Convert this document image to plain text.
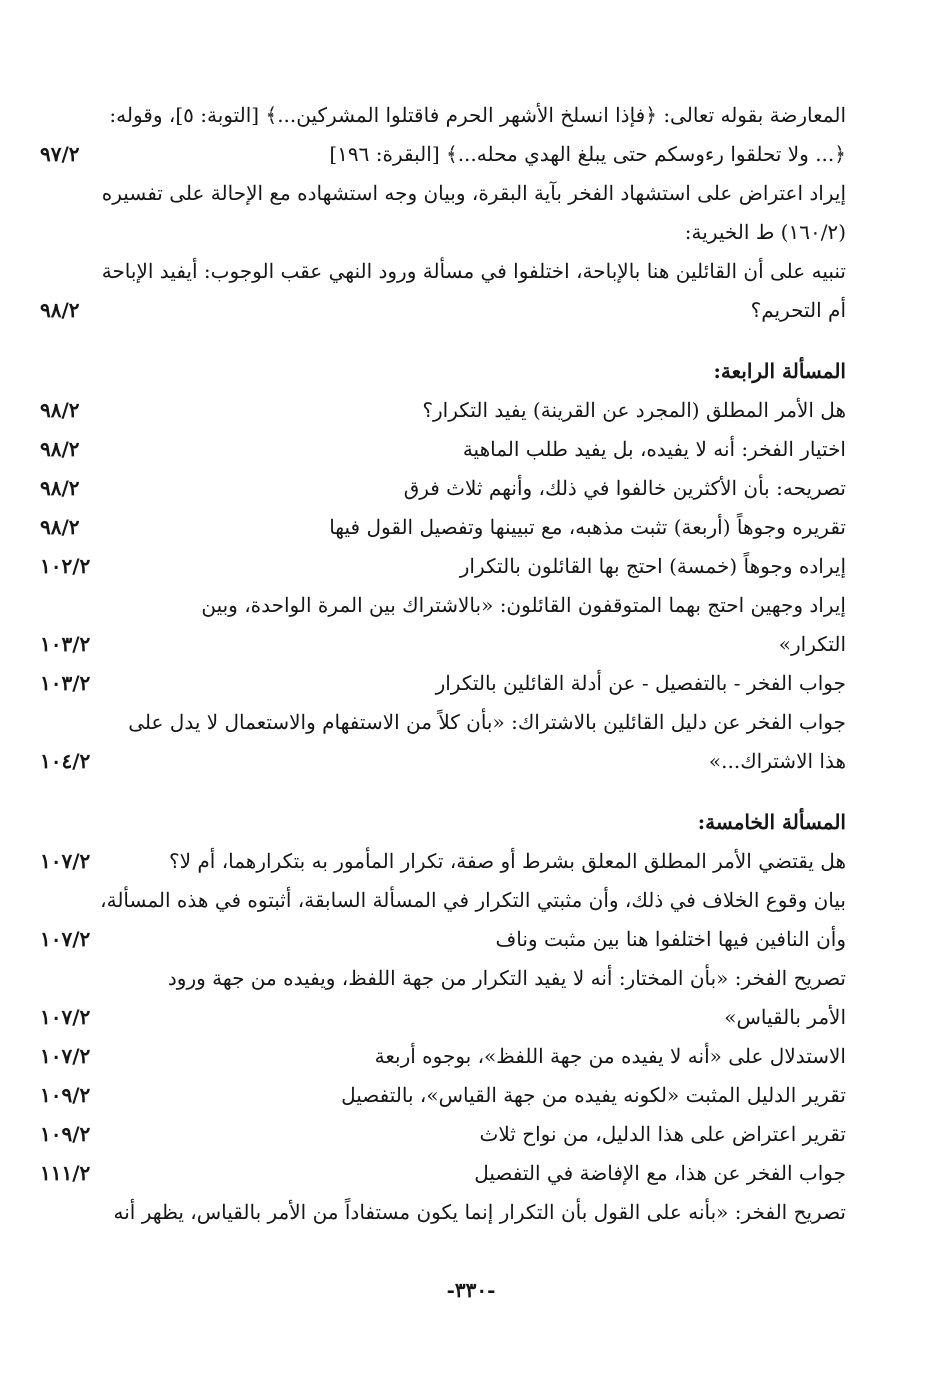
المعارضة بقوله تعالى: ﴿فإذا انسلخ الأشهر الحرم فاقتلوا المشركين...﴾ [التوبة: ٥]، وقوله:
﴿... ولا تحلقوا رءوسكم حتى يبلغ الهدي محله...﴾ [البقرة: ١٩٦]
٩٧/٢
إيراد اعتراض على استشهاد الفخر بآية البقرة، وبيان وجه استشهاده مع الإحالة على تفسيره
(١٦٠/٢) ط الخيرية:
تنبيه على أن القائلين هنا بالإباحة، اختلفوا في مسألة ورود النهي عقب الوجوب: أيفيد الإباحة
أم التحريم؟
٩٨/٢
المسألة الرابعة:
هل الأمر المطلق (المجرد عن القرينة) يفيد التكرار؟
٩٨/٢
اختيار الفخر: أنه لا يفيده، بل يفيد طلب الماهية
٩٨/٢
تصريحه: بأن الأكثرين خالفوا في ذلك، وأنهم ثلاث فرق
٩٨/٢
تقريره وجوهاً (أربعة) تثبت مذهبه، مع تبيينها وتفصيل القول فيها
٩٨/٢
إيراده وجوهاً (خمسة) احتج بها القائلون بالتكرار
١٠٢/٢
إيراد وجهين احتج بهما المتوقفون القائلون: «بالاشتراك بين المرة الواحدة، وبين
التكرار»
١٠٣/٢
جواب الفخر - بالتفصيل - عن أدلة القائلين بالتكرار
١٠٣/٢
جواب الفخر عن دليل القائلين بالاشتراك: «بأن كلاً من الاستفهام والاستعمال لا يدل على
هذا الاشتراك...»
١٠٤/٢
المسألة الخامسة:
هل يقتضي الأمر المطلق المعلق بشرط أو صفة، تكرار المأمور به بتكرارهما، أم لا؟
١٠٧/٢
بيان وقوع الخلاف في ذلك، وأن مثبتي التكرار في المسألة السابقة، أثبتوه في هذه المسألة،
وأن النافين فيها اختلفوا هنا بين مثبت وناف
١٠٧/٢
تصريح الفخر: «بأن المختار: أنه لا يفيد التكرار من جهة اللفظ، ويفيده من جهة ورود
الأمر بالقياس»
١٠٧/٢
الاستدلال على «أنه لا يفيده من جهة اللفظ»، بوجوه أربعة
١٠٧/٢
تقرير الدليل المثبت «لكونه يفيده من جهة القياس»، بالتفصيل
١٠٩/٢
تقرير اعتراض على هذا الدليل، من نواح ثلاث
١٠٩/٢
جواب الفخر عن هذا، مع الإفاضة في التفصيل
١١١/٢
تصريح الفخر: «بأنه على القول بأن التكرار إنما يكون مستفاداً من الأمر بالقياس، يظهر أنه
-٣٣٠-
